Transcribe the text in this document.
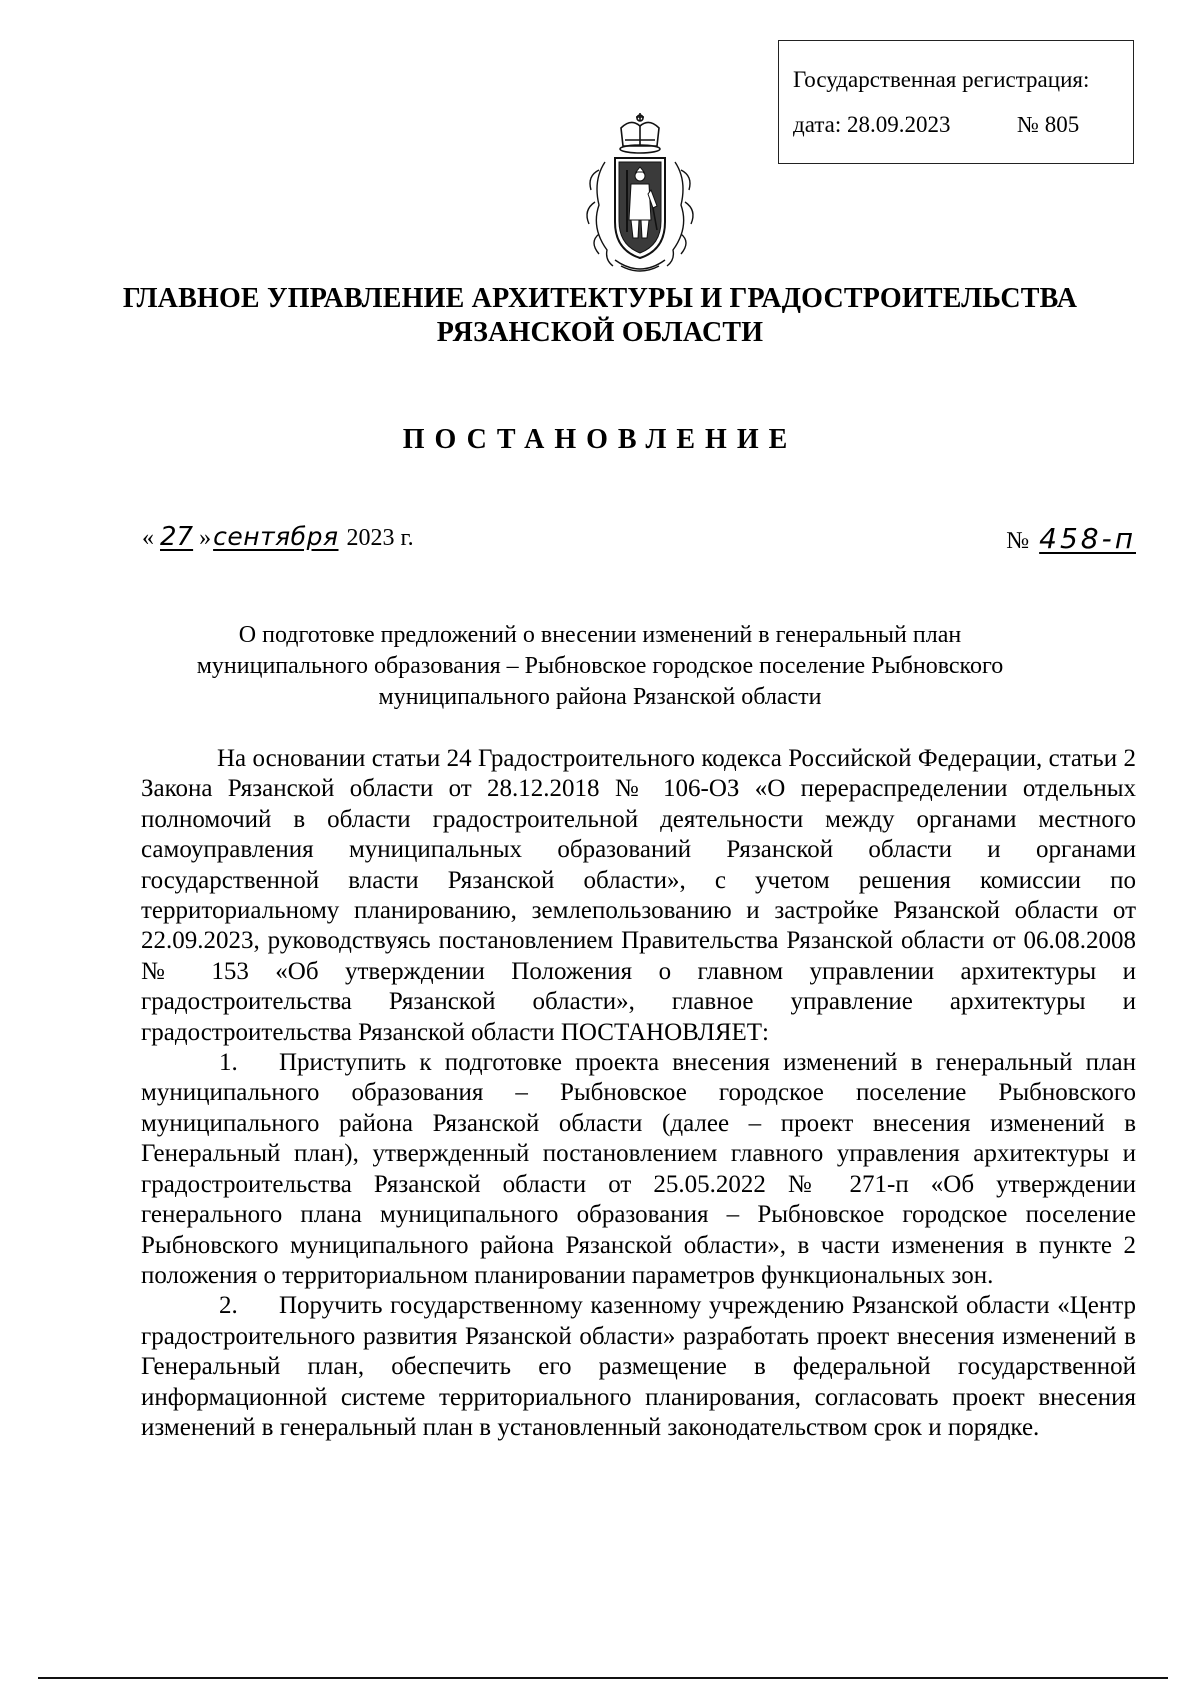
Государственная регистрация:
дата: 28.09.2023	№ 805
ГЛАВНОЕ УПРАВЛЕНИЕ АРХИТЕКТУРЫ И ГРАДОСТРОИТЕЛЬСТВА
РЯЗАНСКОЙ ОБЛАСТИ
ПОСТАНОВЛЕНИЕ
« 27 »сентября 2023 г.	№ 458-п
О подготовке предложений о внесении изменений в генеральный план
муниципального образования – Рыбновское городское поселение Рыбновского
муниципального района Рязанской области

На основании статьи 24 Градостроительного кодекса Российской Федерации, статьи 2 Закона Рязанской области от 28.12.2018 № 106-ОЗ «О перераспределении отдельных полномочий в области градостроительной деятельности между органами местного самоуправления муниципальных образований Рязанской области и органами государственной власти Рязанской области», с учетом решения комиссии по территориальному планированию, землепользованию и застройке Рязанской области от 22.09.2023, руководствуясь постановлением Правительства Рязанской области от 06.08.2008 № 153 «Об утверждении Положения о главном управлении архитектуры и градостроительства Рязанской области», главное управление архитектуры и градостроительства Рязанской области ПОСТАНОВЛЯЕТ:

1. Приступить к подготовке проекта внесения изменений в генеральный план муниципального образования – Рыбновское городское поселение Рыбновского муниципального района Рязанской области (далее – проект внесения изменений в Генеральный план), утвержденный постановлением главного управления архитектуры и градостроительства Рязанской области от 25.05.2022 № 271-п «Об утверждении генерального плана муниципального образования – Рыбновское городское поселение Рыбновского муниципального района Рязанской области», в части изменения в пункте 2 положения о территориальном планировании параметров функциональных зон.

2. Поручить государственному казенному учреждению Рязанской области «Центр градостроительного развития Рязанской области» разработать проект внесения изменений в Генеральный план, обеспечить его размещение в федеральной государственной информационной системе территориального планирования, согласовать проект внесения изменений в генеральный план в установленный законодательством срок и порядке.
